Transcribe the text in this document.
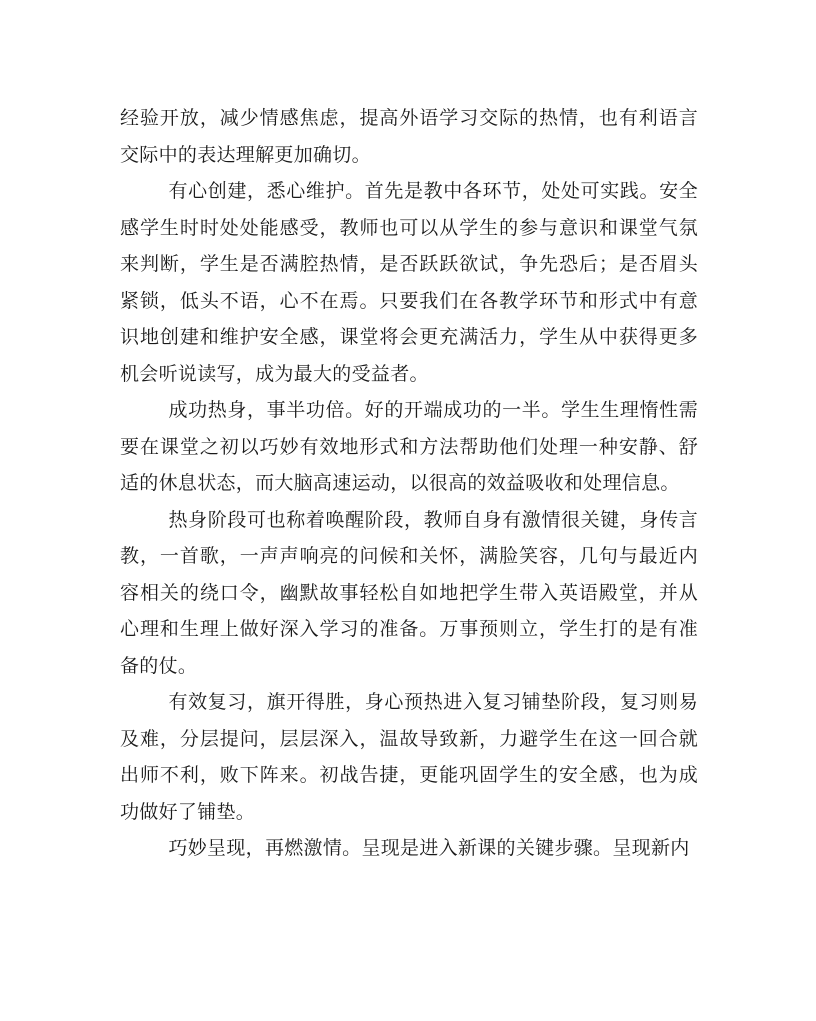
经验开放，减少情感焦虑，提高外语学习交际的热情，也有利语言交际中的表达理解更加确切。

有心创建，悉心维护。首先是教中各环节，处处可实践。安全感学生时时处处能感受，教师也可以从学生的参与意识和课堂气氛来判断，学生是否满腔热情，是否跃跃欲试，争先恐后；是否眉头紧锁，低头不语，心不在焉。只要我们在各教学环节和形式中有意识地创建和维护安全感，课堂将会更充满活力，学生从中获得更多机会听说读写，成为最大的受益者。

成功热身，事半功倍。好的开端成功的一半。学生生理惰性需要在课堂之初以巧妙有效地形式和方法帮助他们处理一种安静、舒适的休息状态，而大脑高速运动，以很高的效益吸收和处理信息。

热身阶段可也称着唤醒阶段，教师自身有激情很关键，身传言教，一首歌，一声声响亮的问候和关怀，满脸笑容，几句与最近内容相关的绕口令，幽默故事轻松自如地把学生带入英语殿堂，并从心理和生理上做好深入学习的准备。万事预则立，学生打的是有准备的仗。

有效复习，旗开得胜，身心预热进入复习铺垫阶段，复习则易及难，分层提问，层层深入，温故导致新，力避学生在这一回合就出师不利，败下阵来。初战告捷，更能巩固学生的安全感，也为成功做好了铺垫。

巧妙呈现，再燃激情。呈现是进入新课的关键步骤。呈现新内
